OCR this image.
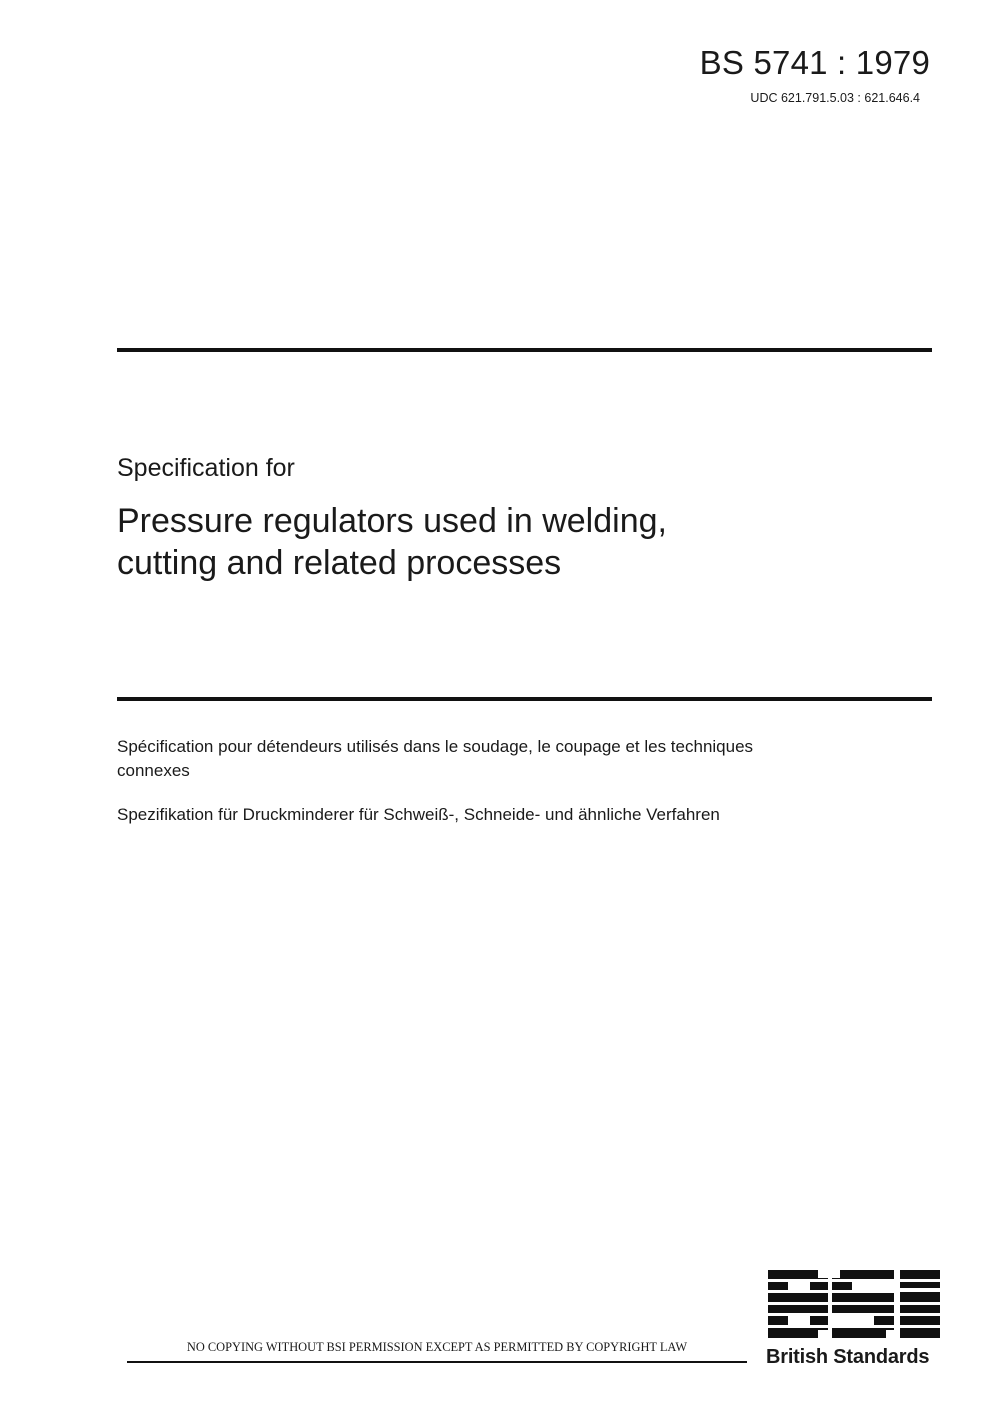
BS 5741 : 1979
UDC 621.791.5.03 : 621.646.4
Specification for
Pressure regulators used in welding,
cutting and related processes
Spécification pour détendeurs utilisés dans le soudage, le coupage et les techniques
connexes
Spezifikation für Druckminderer für Schweiß-, Schneide- und ähnliche Verfahren
NO COPYING WITHOUT BSI PERMISSION EXCEPT AS PERMITTED BY COPYRIGHT LAW	British Standards
